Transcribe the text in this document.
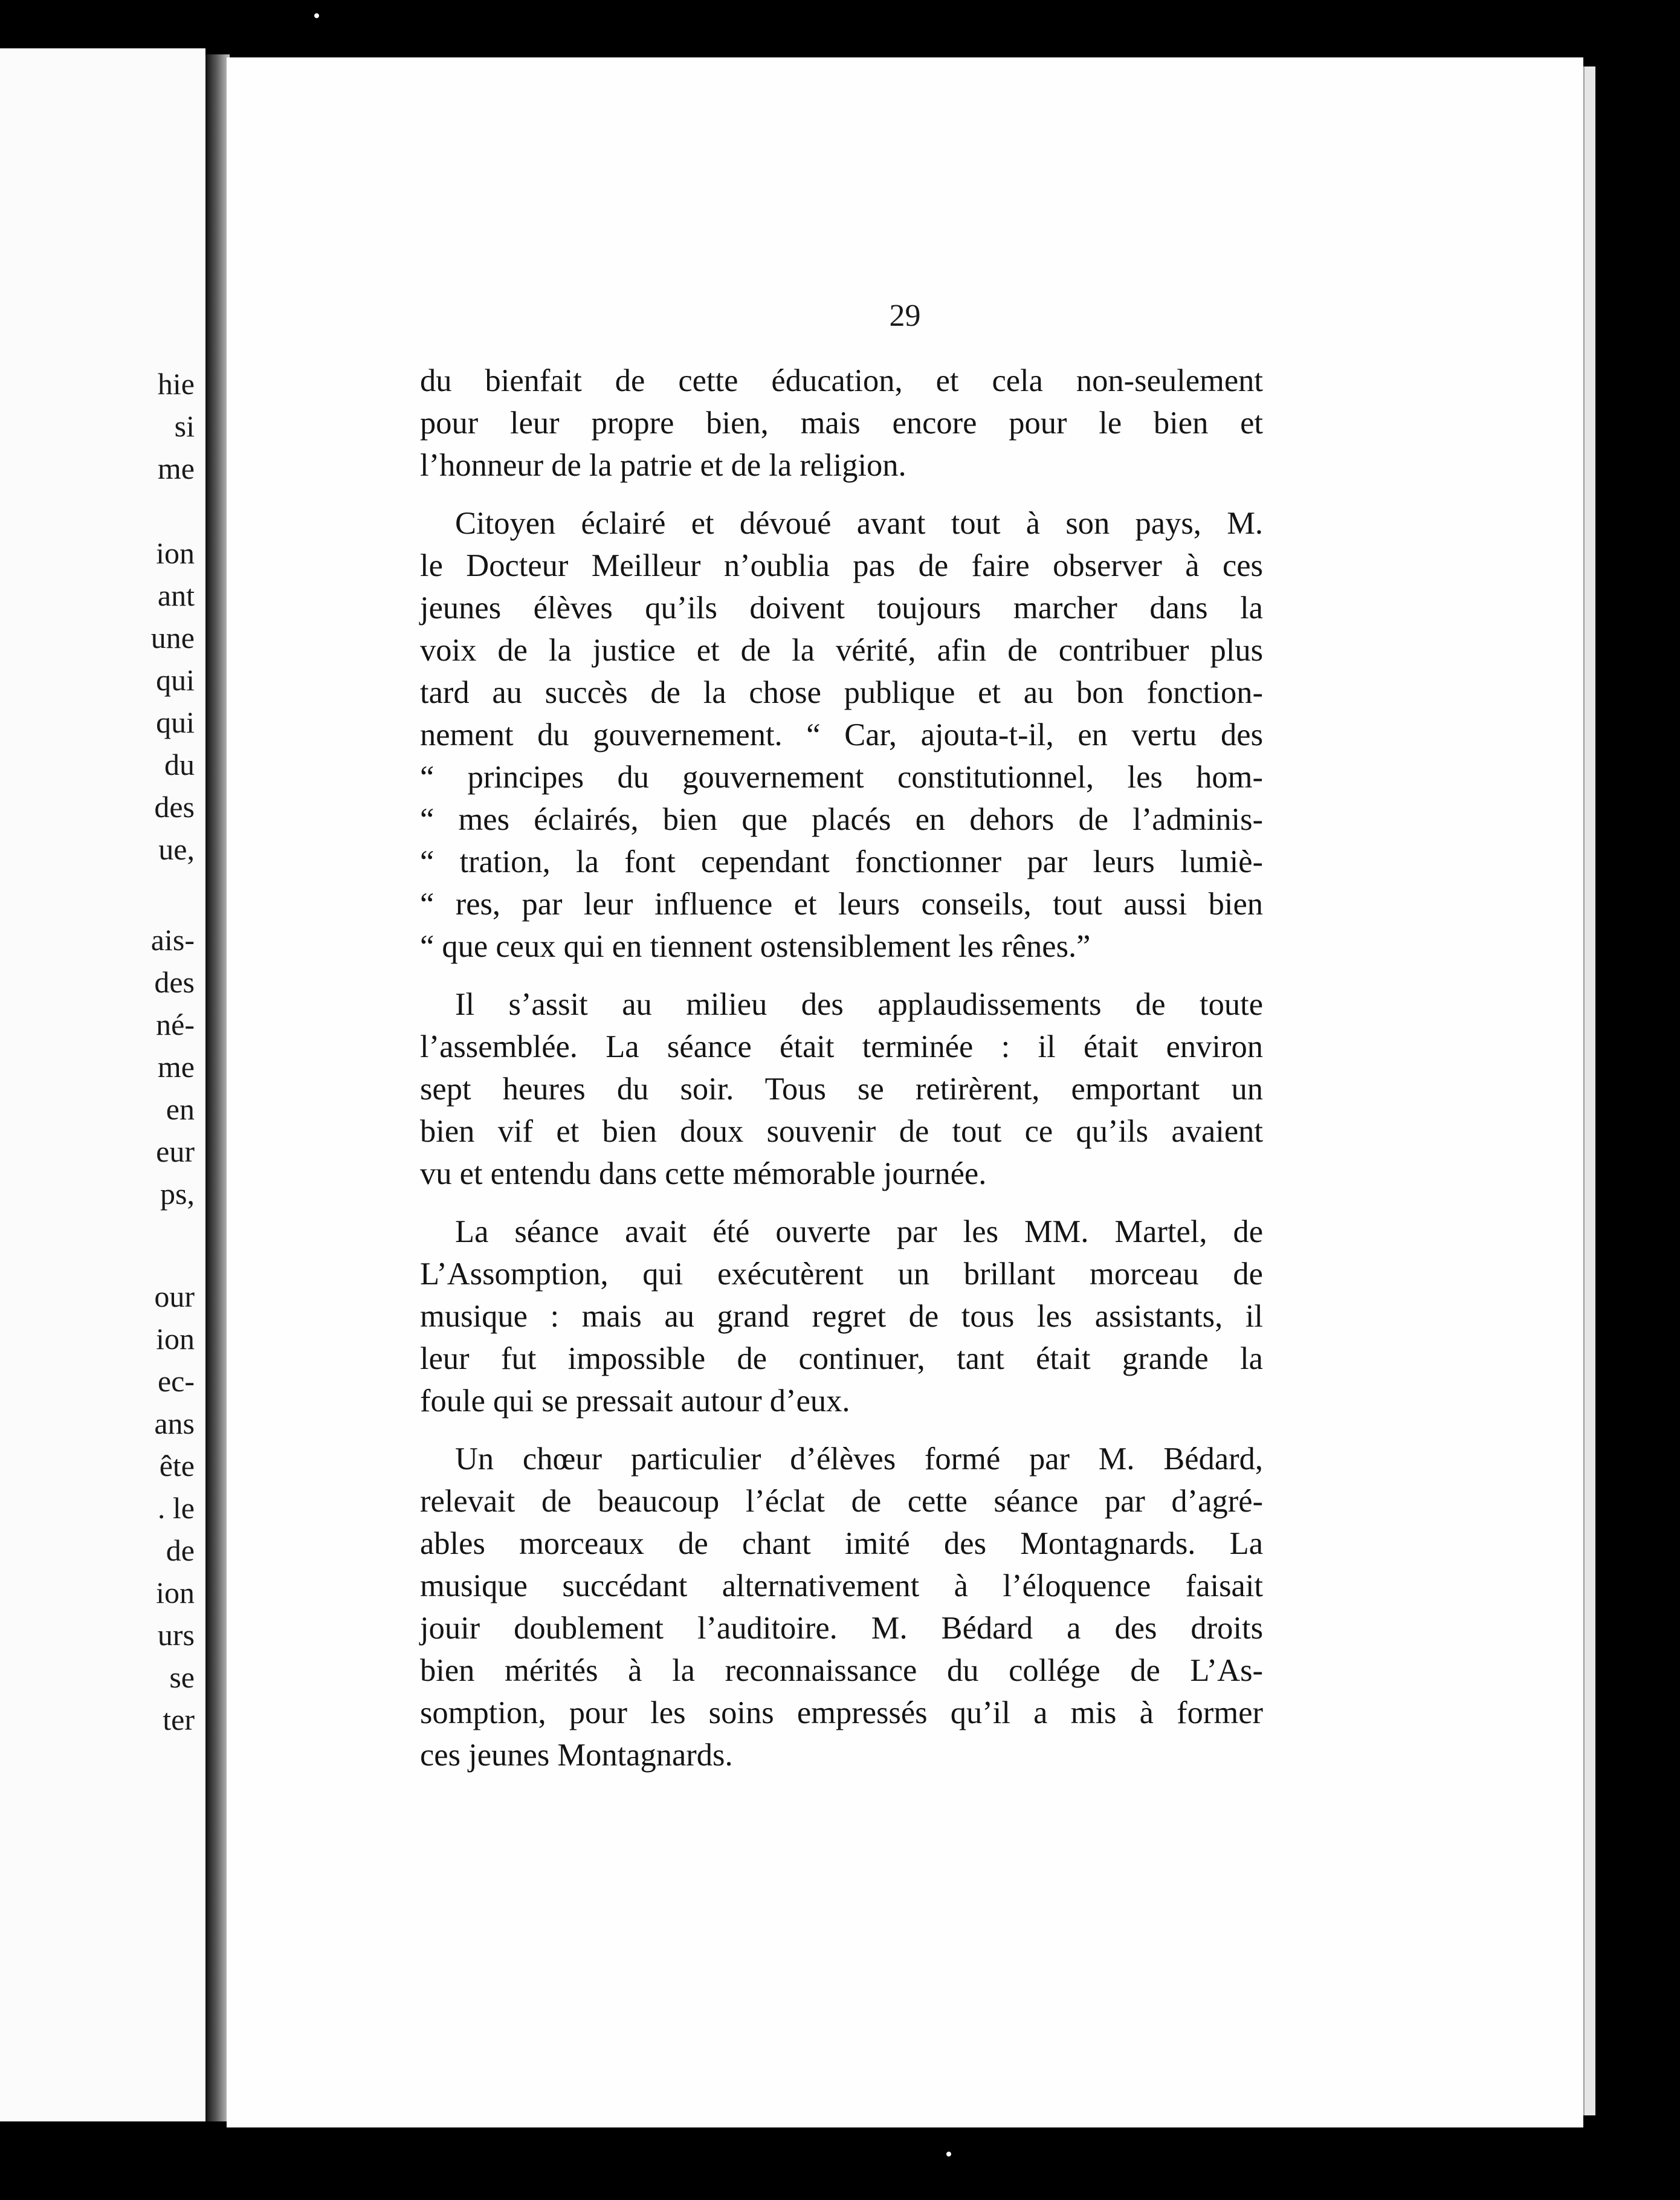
hie

si

me

ion

ant

une

qui

qui

du

des

ue,

ais-

des

né-

me

en

eur

ps,

our

ion

ec-

ans

ête

. le

de

ion

urs

se

ter

29

du bienfait de cette éducation, et cela non-seulement
pour leur propre bien, mais encore pour le bien et
l’honneur de la patrie et de la religion.
Citoyen éclairé et dévoué avant tout à son pays, M.
le Docteur Meilleur n’oublia pas de faire observer à ces
jeunes élèves qu’ils doivent toujours marcher dans la
voix de la justice et de la vérité, afin de contribuer plus
tard au succès de la chose publique et au bon fonction-
nement du gouvernement. “ Car, ajouta-t-il, en vertu des
“ principes du gouvernement constitutionnel, les hom-
“ mes éclairés, bien que placés en dehors de l’adminis-
“ tration, la font cependant fonctionner par leurs lumiè-
“ res, par leur influence et leurs conseils, tout aussi bien
“ que ceux qui en tiennent ostensiblement les rênes.”
Il s’assit au milieu des applaudissements de toute
l’assemblée. La séance était terminée : il était environ
sept heures du soir. Tous se retirèrent, emportant un
bien vif et bien doux souvenir de tout ce qu’ils avaient
vu et entendu dans cette mémorable journée.
La séance avait été ouverte par les MM. Martel, de
L’Assomption, qui exécutèrent un brillant morceau de
musique : mais au grand regret de tous les assistants, il
leur fut impossible de continuer, tant était grande la
foule qui se pressait autour d’eux.
Un chœur particulier d’élèves formé par M. Bédard,
relevait de beaucoup l’éclat de cette séance par d’agré-
ables morceaux de chant imité des Montagnards. La
musique succédant alternativement à l’éloquence faisait
jouir doublement l’auditoire. M. Bédard a des droits
bien mérités à la reconnaissance du collége de L’As-
somption, pour les soins empressés qu’il a mis à former
ces jeunes Montagnards.
